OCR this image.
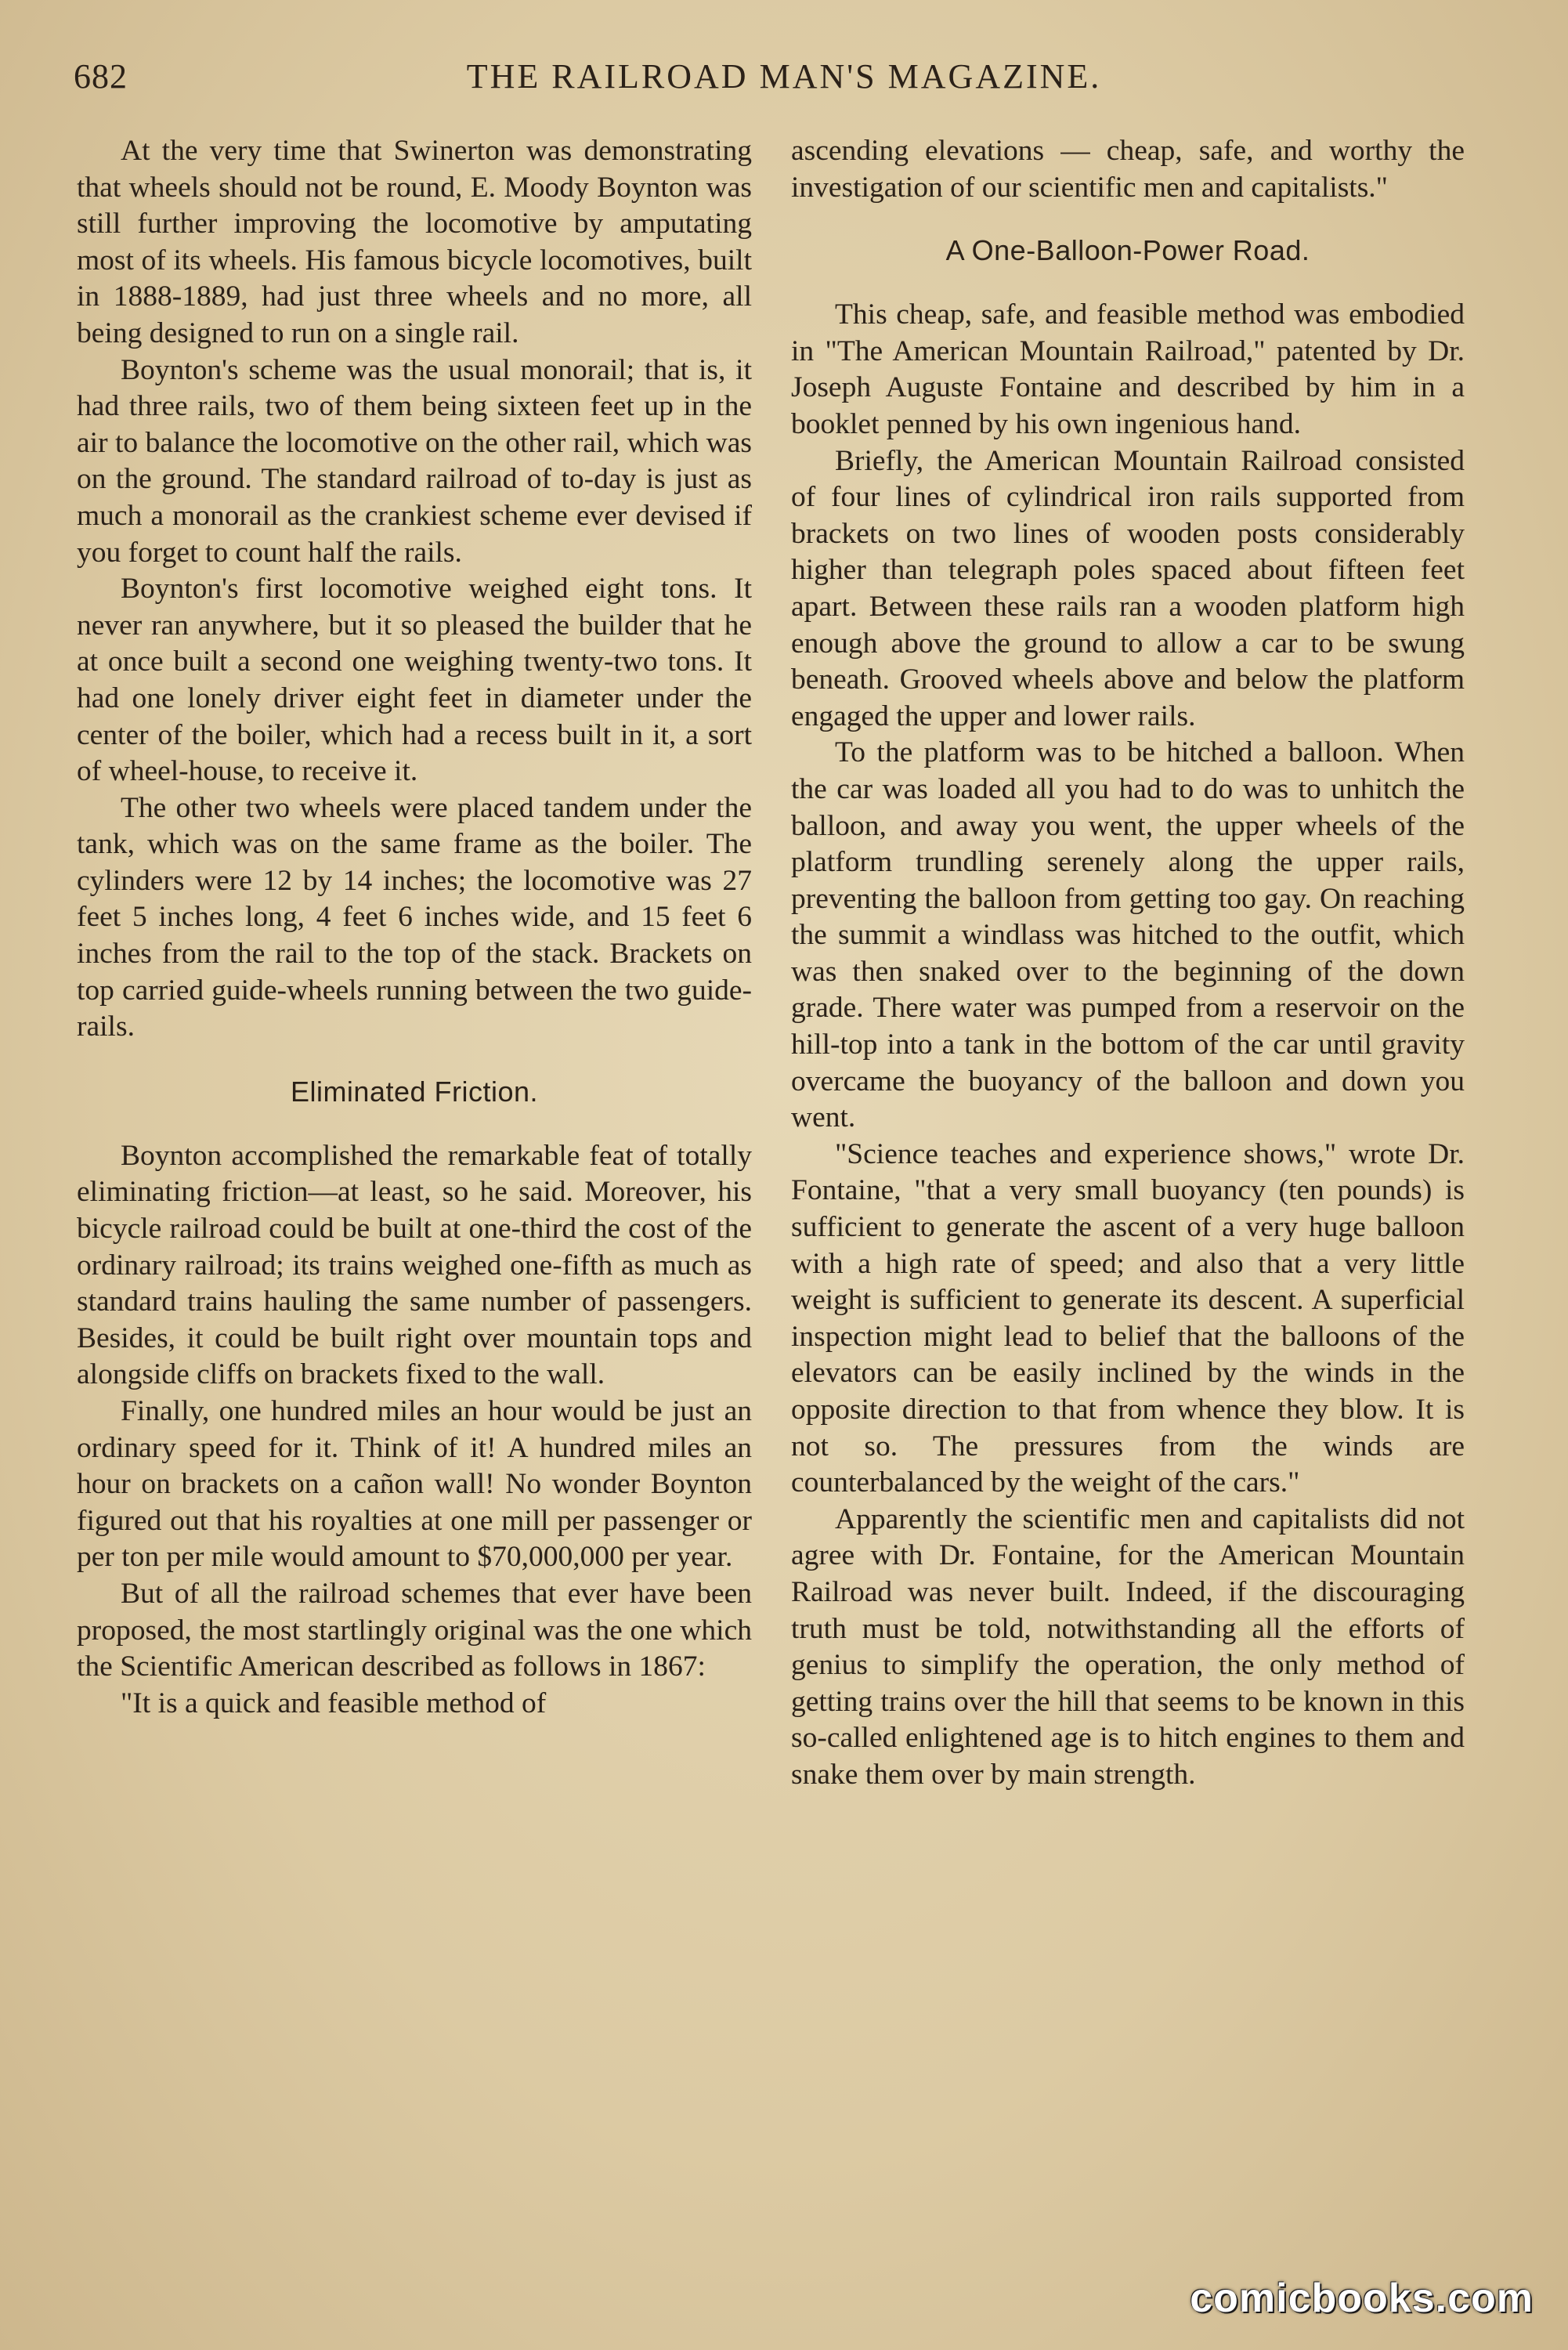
682	THE RAILROAD MAN'S MAGAZINE.

At the very time that Swinerton was demonstrating that wheels should not be round, E. Moody Boynton was still further improving the locomotive by amputating most of its wheels. His famous bicycle locomotives, built in 1888-1889, had just three wheels and no more, all being designed to run on a single rail.

Boynton's scheme was the usual monorail; that is, it had three rails, two of them being sixteen feet up in the air to balance the locomotive on the other rail, which was on the ground. The standard railroad of to-day is just as much a monorail as the crankiest scheme ever devised if you forget to count half the rails.

Boynton's first locomotive weighed eight tons. It never ran anywhere, but it so pleased the builder that he at once built a second one weighing twenty-two tons. It had one lonely driver eight feet in diameter under the center of the boiler, which had a recess built in it, a sort of wheel-house, to receive it.

The other two wheels were placed tandem under the tank, which was on the same frame as the boiler. The cylinders were 12 by 14 inches; the locomotive was 27 feet 5 inches long, 4 feet 6 inches wide, and 15 feet 6 inches from the rail to the top of the stack. Brackets on top carried guide-wheels running between the two guide-rails.

Eliminated Friction.

Boynton accomplished the remarkable feat of totally eliminating friction—at least, so he said. Moreover, his bicycle railroad could be built at one-third the cost of the ordinary railroad; its trains weighed one-fifth as much as standard trains hauling the same number of passengers. Besides, it could be built right over mountain tops and alongside cliffs on brackets fixed to the wall.

Finally, one hundred miles an hour would be just an ordinary speed for it. Think of it! A hundred miles an hour on brackets on a cañon wall! No wonder Boynton figured out that his royalties at one mill per passenger or per ton per mile would amount to $70,000,000 per year.

But of all the railroad schemes that ever have been proposed, the most startlingly original was the one which the Scientific American described as follows in 1867:

"It is a quick and feasible method of

ascending elevations — cheap, safe, and worthy the investigation of our scientific men and capitalists."

A One-Balloon-Power Road.

This cheap, safe, and feasible method was embodied in "The American Mountain Railroad," patented by Dr. Joseph Auguste Fontaine and described by him in a booklet penned by his own ingenious hand.

Briefly, the American Mountain Railroad consisted of four lines of cylindrical iron rails supported from brackets on two lines of wooden posts considerably higher than telegraph poles spaced about fifteen feet apart. Between these rails ran a wooden platform high enough above the ground to allow a car to be swung beneath. Grooved wheels above and below the platform engaged the upper and lower rails.

To the platform was to be hitched a balloon. When the car was loaded all you had to do was to unhitch the balloon, and away you went, the upper wheels of the platform trundling serenely along the upper rails, preventing the balloon from getting too gay. On reaching the summit a windlass was hitched to the outfit, which was then snaked over to the beginning of the down grade. There water was pumped from a reservoir on the hill-top into a tank in the bottom of the car until gravity overcame the buoyancy of the balloon and down you went.

"Science teaches and experience shows," wrote Dr. Fontaine, "that a very small buoyancy (ten pounds) is sufficient to generate the ascent of a very huge balloon with a high rate of speed; and also that a very little weight is sufficient to generate its descent. A superficial inspection might lead to belief that the balloons of the elevators can be easily inclined by the winds in the opposite direction to that from whence they blow. It is not so. The pressures from the winds are counterbalanced by the weight of the cars."

Apparently the scientific men and capitalists did not agree with Dr. Fontaine, for the American Mountain Railroad was never built. Indeed, if the discouraging truth must be told, notwithstanding all the efforts of genius to simplify the operation, the only method of getting trains over the hill that seems to be known in this so-called enlightened age is to hitch engines to them and snake them over by main strength.

comicbooks.com
